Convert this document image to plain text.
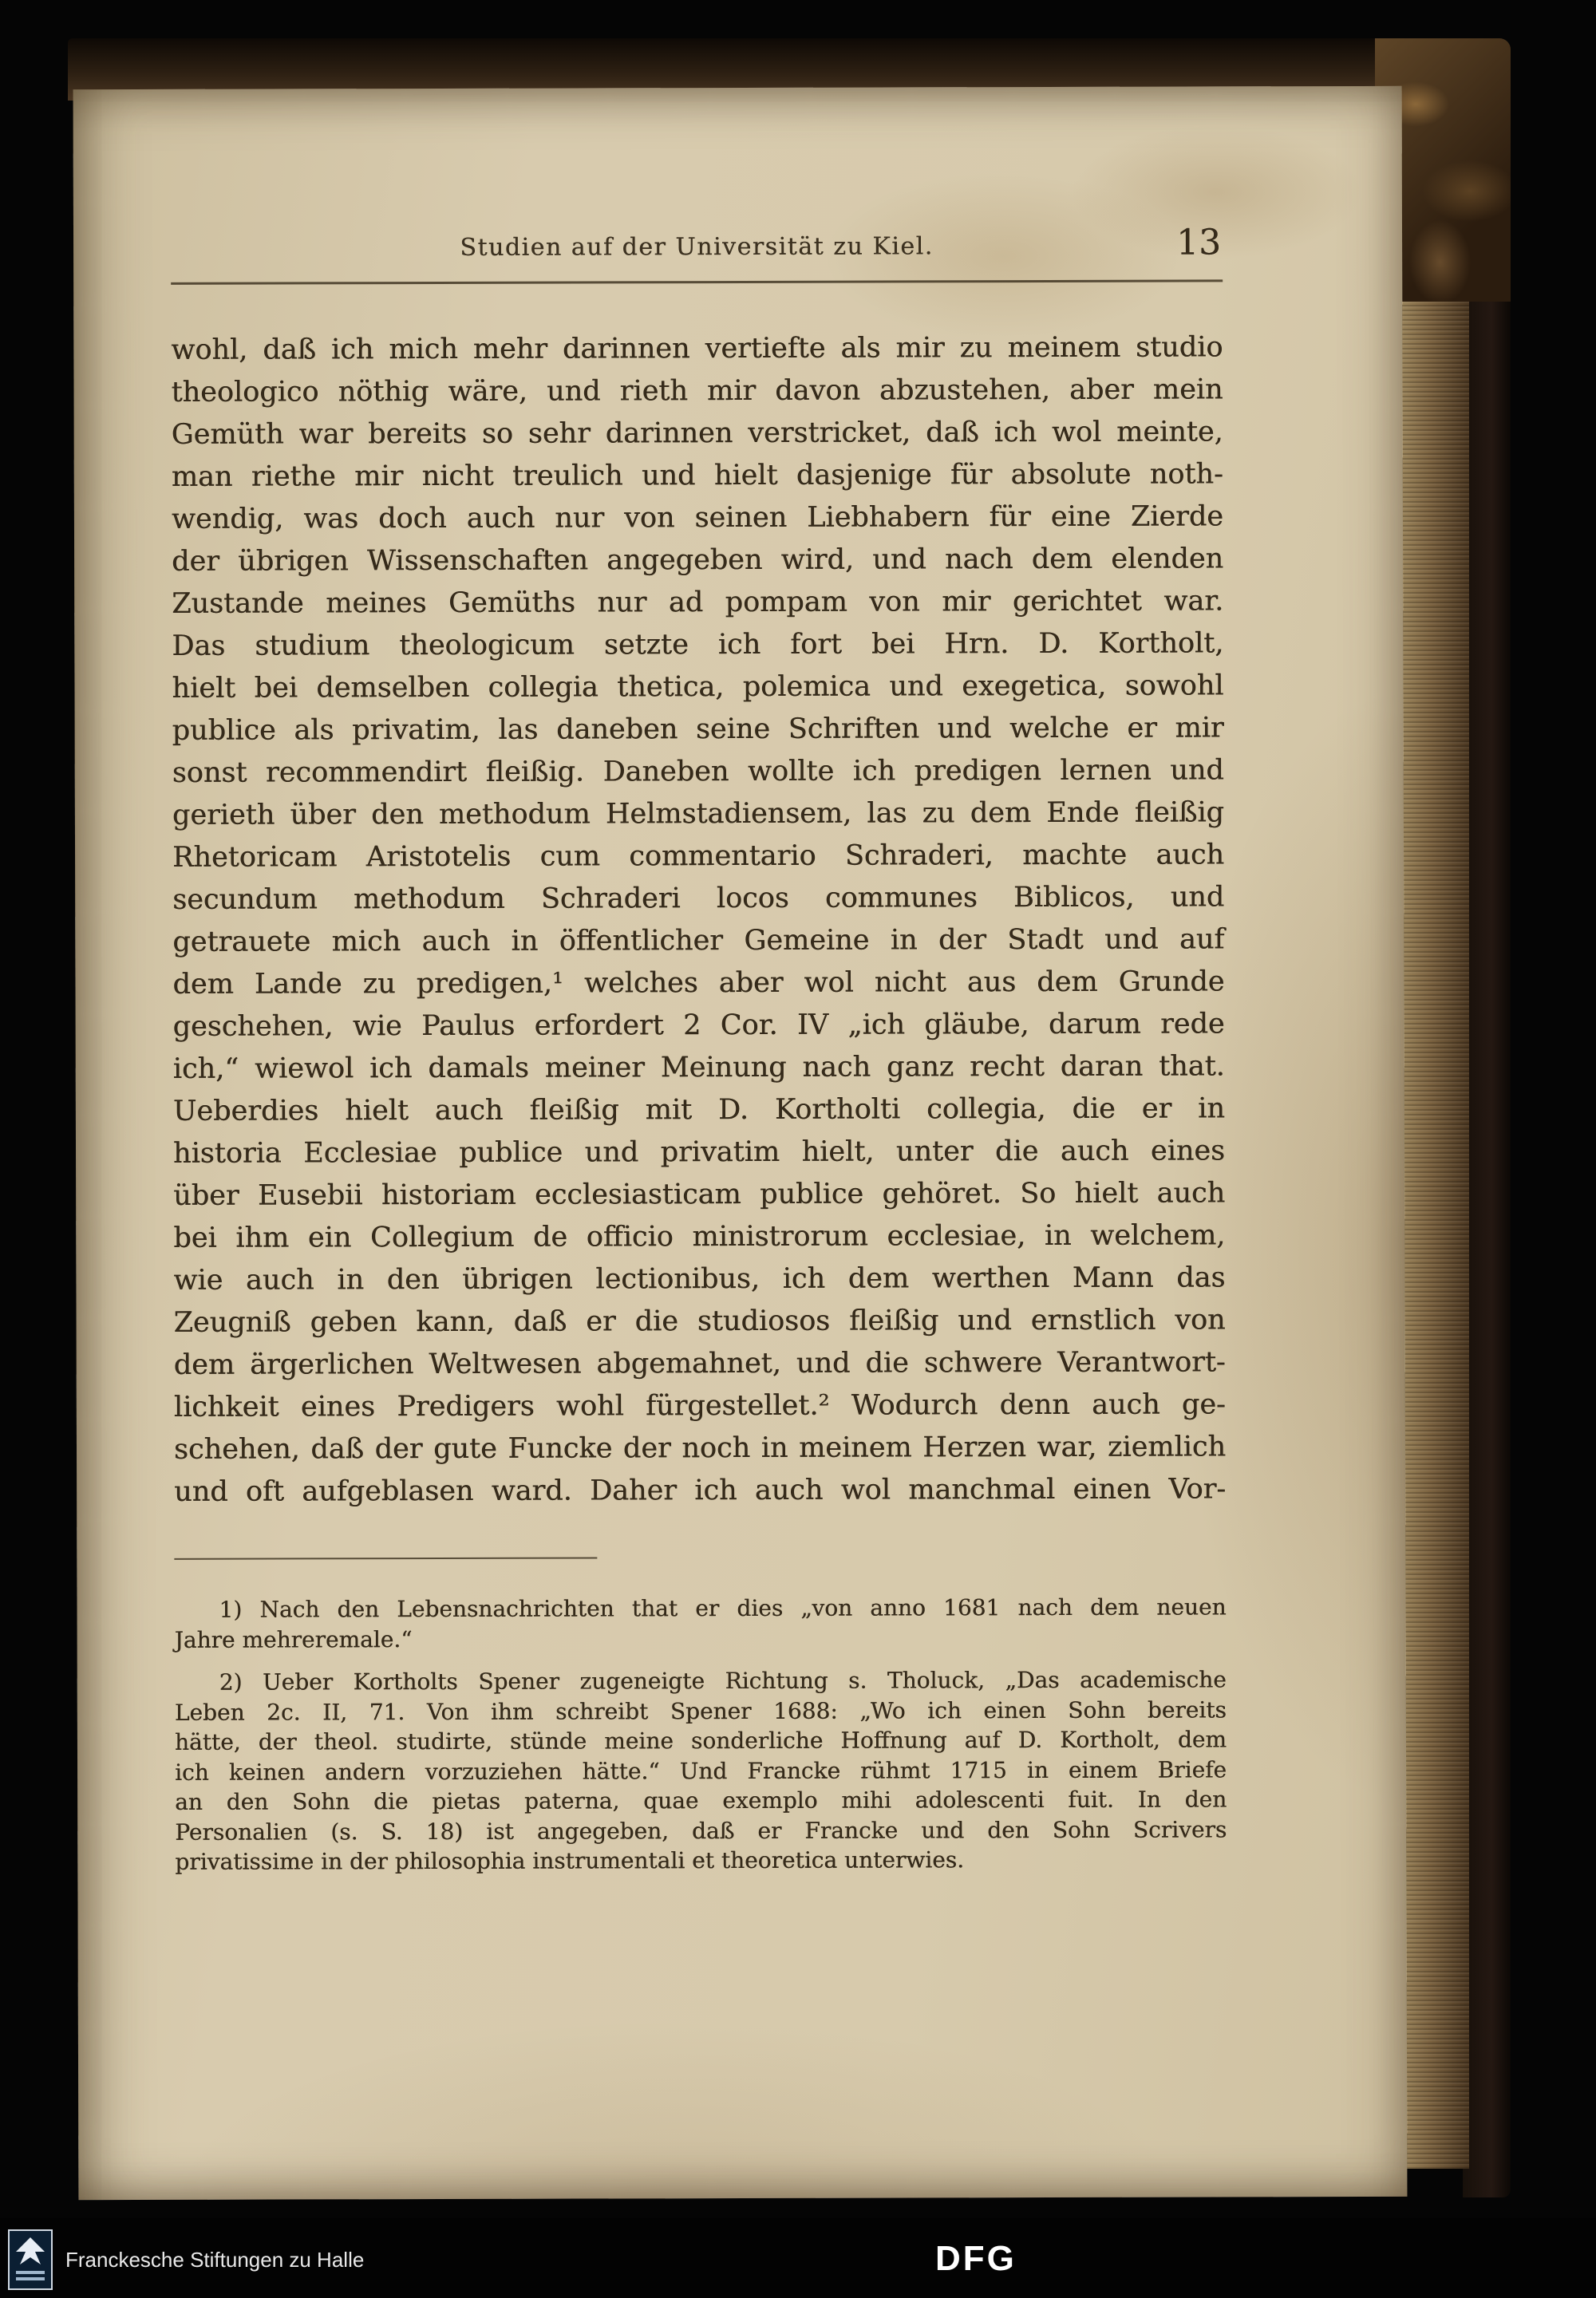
Studien auf der Universität zu Kiel.	13
wohl, daß ich mich mehr darinnen vertiefte als mir zu meinem studio
theologico nöthig wäre, und rieth mir davon abzustehen, aber mein
Gemüth war bereits so sehr darinnen verstricket, daß ich wol meinte,
man riethe mir nicht treulich und hielt dasjenige für absolute noth-
wendig, was doch auch nur von seinen Liebhabern für eine Zierde
der übrigen Wissenschaften angegeben wird, und nach dem elenden
Zustande meines Gemüths nur ad pompam von mir gerichtet war.
Das studium theologicum setzte ich fort bei Hrn. D. Kortholt,
hielt bei demselben collegia thetica, polemica und exegetica, sowohl
publice als privatim, las daneben seine Schriften und welche er mir
sonst recommendirt fleißig. Daneben wollte ich predigen lernen und
gerieth über den methodum Helmstadiensem, las zu dem Ende fleißig
Rhetoricam Aristotelis cum commentario Schraderi, machte auch
secundum methodum Schraderi locos communes Biblicos, und
getrauete mich auch in öffentlicher Gemeine in der Stadt und auf
dem Lande zu predigen,¹ welches aber wol nicht aus dem Grunde
geschehen, wie Paulus erfordert 2 Cor. IV „ich gläube, darum rede
ich,“ wiewol ich damals meiner Meinung nach ganz recht daran that.
Ueberdies hielt auch fleißig mit D. Kortholti collegia, die er in
historia Ecclesiae publice und privatim hielt, unter die auch eines
über Eusebii historiam ecclesiasticam publice gehöret. So hielt auch
bei ihm ein Collegium de officio ministrorum ecclesiae, in welchem,
wie auch in den übrigen lectionibus, ich dem werthen Mann das
Zeugniß geben kann, daß er die studiosos fleißig und ernstlich von
dem ärgerlichen Weltwesen abgemahnet, und die schwere Verantwort-
lichkeit eines Predigers wohl fürgestellet.² Wodurch denn auch ge-
schehen, daß der gute Funcke der noch in meinem Herzen war, ziemlich
und oft aufgeblasen ward. Daher ich auch wol manchmal einen Vor-
1) Nach den Lebensnachrichten that er dies „von anno 1681 nach dem neuen
Jahre mehreremale.“
2) Ueber Kortholts Spener zugeneigte Richtung s. Tholuck, „Das academische
Leben 2c. II, 71. Von ihm schreibt Spener 1688: „Wo ich einen Sohn bereits
hätte, der theol. studirte, stünde meine sonderliche Hoffnung auf D. Kortholt, dem
ich keinen andern vorzuziehen hätte.“ Und Francke rühmt 1715 in einem Briefe
an den Sohn die pietas paterna, quae exemplo mihi adolescenti fuit. In den
Personalien (s. S. 18) ist angegeben, daß er Francke und den Sohn Scrivers
privatissime in der philosophia instrumentali et theoretica unterwies.
Franckesche Stiftungen zu Halle	DFG
